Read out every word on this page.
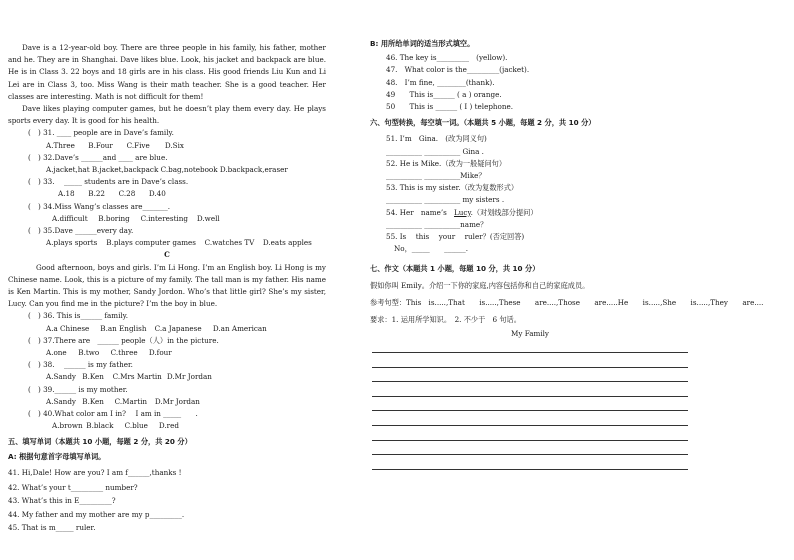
Dave is a 12-year-old boy. There are three people in his family, his father, mother and he. They are in Shanghai. Dave likes blue. Look, his jacket and backpack are blue. He is in Class 3. 22 boys and 18 girls are in his class. His good friends Liu Kun and Li Lei are in Class 3, too. Miss Wang is their math teacher. She is a good teacher. Her classes are interesting. Math is not difficult for them!
Dave likes playing computer games, but he doesn’t play them every day. He plays sports every day. It is good for his health.
(　) 31. ____ people are in Dave’s family.
A.Three B.Four C.Five D.Six
(　) 32.Dave’s ______and ____ are blue.
A.jacket,hat B.jacket,backpack C.bag,notebook D.backpack,eraser
(　) 33.　 _____ students are in Dave’s class.
A.18 B.22 C.28 D.40
(　) 34.Miss Wang’s classes are_______.
A.difficult B.boring C.interesting D.well
(　) 35.Dave ______every day.
A.plays sports B.plays computer games C.watches TV D.eats apples
C
Good afternoon, boys and girls. I’m Li Hong. I’m an English boy. Li Hong is my Chinese name. Look, this is a picture of my family. The tall man is my father. His name is Ken Martin. This is my mother, Sandy Jordon. Who’s that little girl? She’s my sister, Lucy. Can you find me in the picture? I’m the boy in blue.
(　) 36. This is______ family.
A.a Chinese B.an English C.a Japanese D.an American
(　) 37.There are　______ people（人）in the picture.
A.one B.two C.three D.four
(　) 38.　 ______ is my father.
A.Sandy B.Ken C.Mrs Martin D.Mr Jordan
(　) 39.______ is my mother.
A.Sandy B.Ken C.Martin D.Mr Jordan
(　) 40.What color am I in?　 I am in _____　　.
A.brown B.black C.blue D.red
五、填写单词（本题共 10 小题，每题 2 分，共 20 分）
A: 根据句意首字母填写单词。
41. Hi,Dale! How are you? I am f______,thanks !
42. What’s your t_________ number?
43. What’s this in E_________?
44. My father and my mother are my p_________.
45. That is m_____ ruler.
B: 用所给单词的适当形式填空。
46. The key is_________　(yellow).
47.　What color is the_________(jacket).
48.　I’m fine, ________(thank).
49　　This is______ ( a ) orange.
50　　This is ______ ( I ) telephone.
六、句型转换，每空填一词。（本题共 5 小题，每题 2 分，共 10 分）
51. I’m　Gina.　(改为同义句)
__________ __________ Gina .
52. He is Mike.（改为一般疑问句）
__________ __________Mike？
53. This is my sister.（改为复数形式）
__________ __________ my sisters .
54. Her　name’s　Lucy.（对划线部分提问）
__________ __________name？
55. Is　 this　 your　 ruler？(否定回答)
No，_____　　______.
七、作文（本题共 1 小题，每题 10 分，共 10 分）
假如你叫 Emily。介绍一下你的家庭,内容包括你和自己的家庭成员。
参考句型：This　is.....,That　　is.....,These　　are....,Those　　are.....He　　is.....,She　　is.....,They　　are....
要求：1. 运用所学知识。　2. 不少于　6 句话。
My Family
